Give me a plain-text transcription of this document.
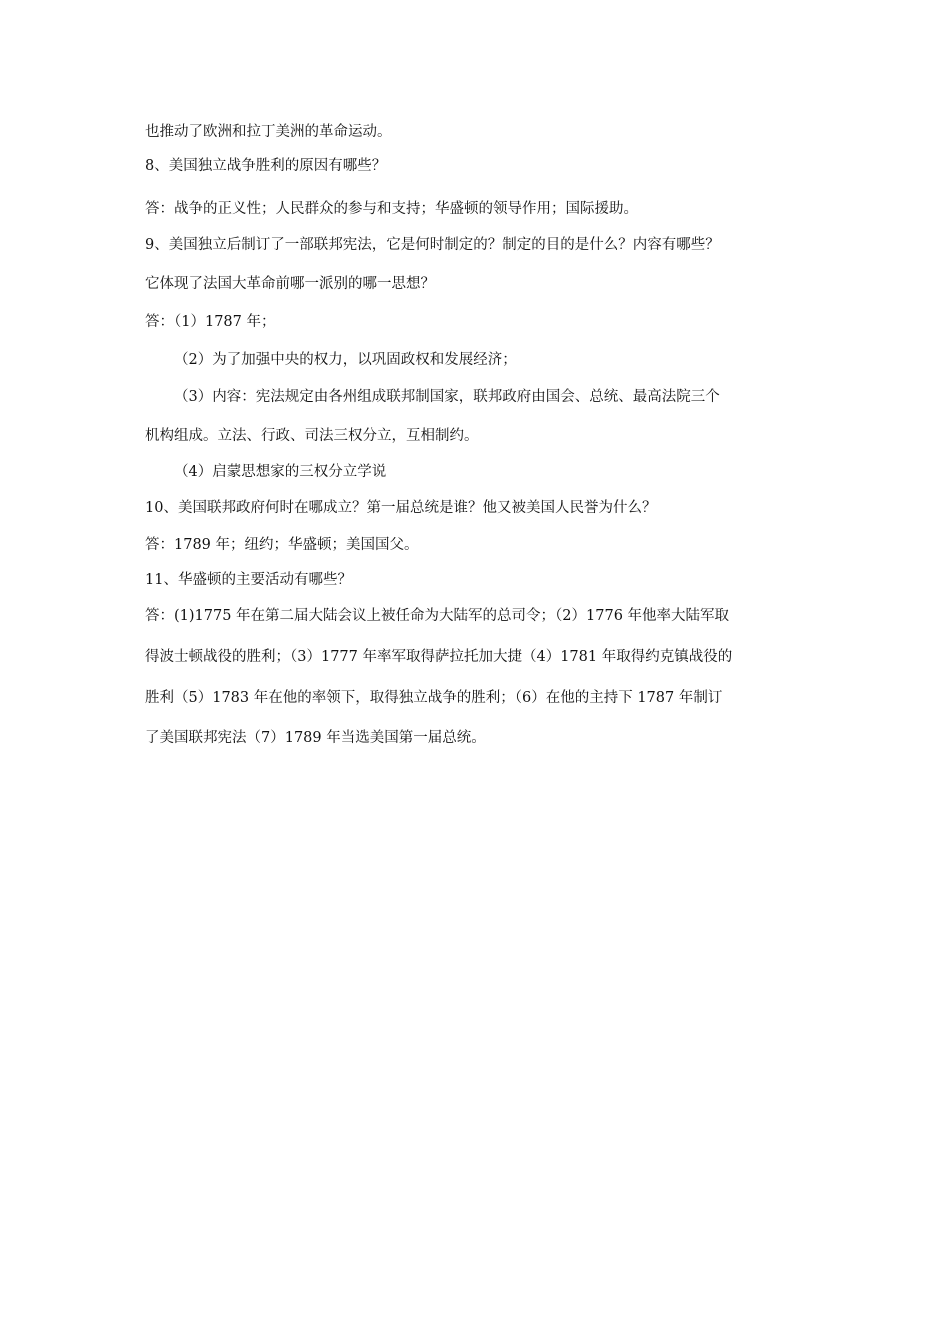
也推动了欧洲和拉丁美洲的革命运动。

8、美国独立战争胜利的原因有哪些？

答：战争的正义性；人民群众的参与和支持；华盛顿的领导作用；国际援助。

9、美国独立后制订了一部联邦宪法，它是何时制定的？制定的目的是什么？内容有哪些？

它体现了法国大革命前哪一派别的哪一思想？

答：（1）1787 年；

（2）为了加强中央的权力，以巩固政权和发展经济；

（3）内容：宪法规定由各州组成联邦制国家，联邦政府由国会、总统、最高法院三个

机构组成。立法、行政、司法三权分立，互相制约。

（4）启蒙思想家的三权分立学说

10、美国联邦政府何时在哪成立？第一届总统是谁？他又被美国人民誉为什么？

答：1789 年；纽约；华盛顿；美国国父。

11、华盛顿的主要活动有哪些？

答：(1)1775 年在第二届大陆会议上被任命为大陆军的总司令；（2）1776 年他率大陆军取

得波士顿战役的胜利；（3）1777 年率军取得萨拉托加大捷（4）1781 年取得约克镇战役的

胜利（5）1783 年在他的率领下，取得独立战争的胜利；（6）在他的主持下 1787 年制订

了美国联邦宪法（7）1789 年当选美国第一届总统。
